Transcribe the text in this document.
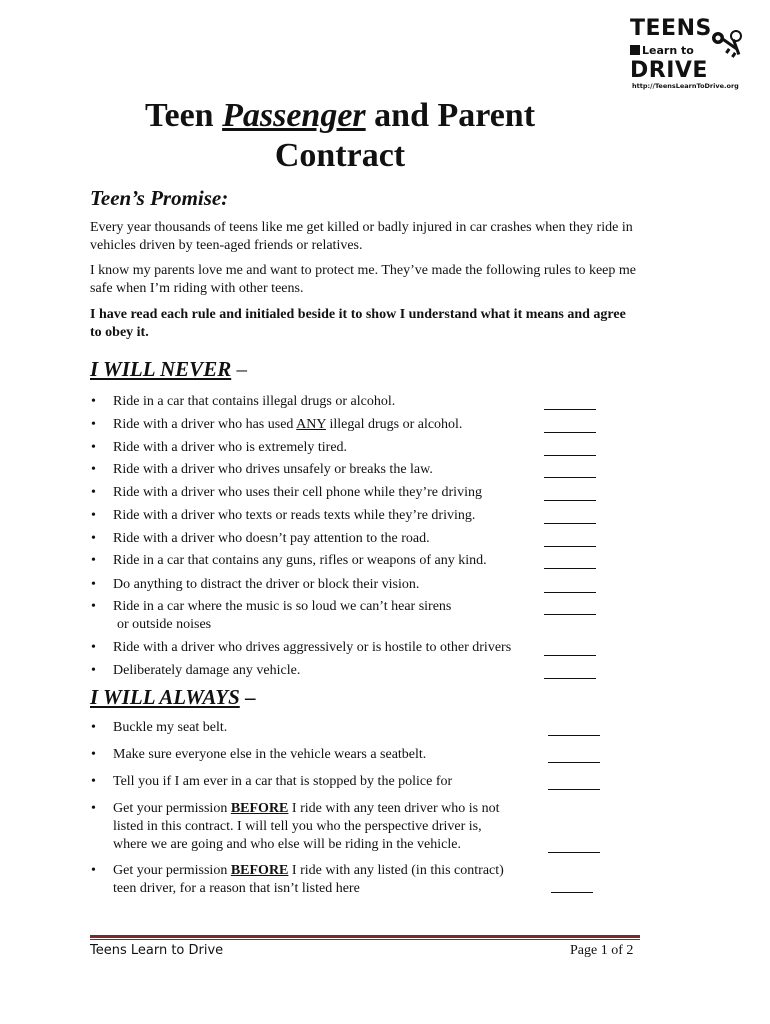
TEENS
Learn to
DRIVE
http://TeensLearnToDrive.org
Teen Passenger and Parent
Contract
Teen’s Promise:
Every year thousands of teens like me get killed or badly injured in car crashes when they ride in vehicles driven by teen-aged friends or relatives.
I know my parents love me and want to protect me. They’ve made the following rules to keep me safe when I’m riding with other teens.
I have read each rule and initialed beside it to show I understand what it means and agree to obey it.
I WILL NEVER –
• Ride in a car that contains illegal drugs or alcohol.
• Ride with a driver who has used ANY illegal drugs or alcohol.
• Ride with a driver who is extremely tired.
• Ride with a driver who drives unsafely or breaks the law.
• Ride with a driver who uses their cell phone while they’re driving
• Ride with a driver who texts or reads texts while they’re driving.
• Ride with a driver who doesn’t pay attention to the road.
• Ride in a car that contains any guns, rifles or weapons of any kind.
• Do anything to distract the driver or block their vision.
• Ride in a car where the music is so loud we can’t hear sirens
or outside noises
• Ride with a driver who drives aggressively or is hostile to other drivers
• Deliberately damage any vehicle.
I WILL ALWAYS –
• Buckle my seat belt.
• Make sure everyone else in the vehicle wears a seatbelt.
• Tell you if I am ever in a car that is stopped by the police for
• Get your permission BEFORE I ride with any teen driver who is not
listed in this contract. I will tell you who the perspective driver is,
where we are going and who else will be riding in the vehicle.
• Get your permission BEFORE I ride with any listed (in this contract)
teen driver, for a reason that isn’t listed here
Teens Learn to Drive	Page 1 of 2
